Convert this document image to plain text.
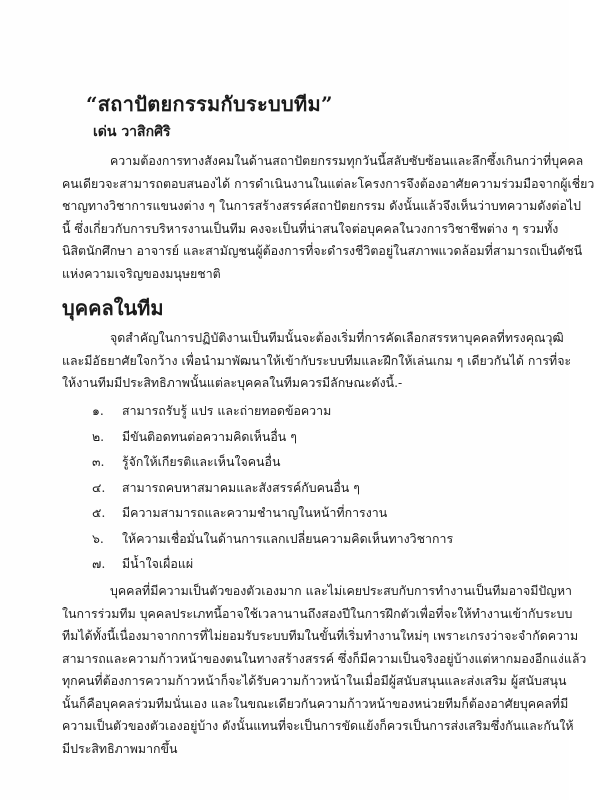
“สถาปัตยกรรมกับระบบทีม”
เด่น วาสิกศิริ
ความต้องการทางสังคมในด้านสถาปัตยกรรมทุกวันนี้สลับซับซ้อนและลึกซึ้งเกินกว่าที่บุคคล
คนเดียวจะสามารถตอบสนองได้ การดำเนินงานในแต่ละโครงการจึงต้องอาศัยความร่วมมือจากผู้เชี่ยว
ชาญทางวิชาการแขนงต่าง ๆ ในการสร้างสรรค์สถาปัตยกรรม ดังนั้นแล้วจึงเห็นว่าบทความดังต่อไป
นี้ ซึ่งเกี่ยวกับการบริหารงานเป็นทีม คงจะเป็นที่น่าสนใจต่อบุคคลในวงการวิชาชีพต่าง ๆ รวมทั้ง
นิสิตนักศึกษา อาจารย์ และสามัญชนผู้ต้องการที่จะดำรงชีวิตอยู่ในสภาพแวดล้อมที่สามารถเป็นดัชนี
แห่งความเจริญของมนุษยชาติ
บุคคลในทีม
จุดสำคัญในการปฏิบัติงานเป็นทีมนั้นจะต้องเริ่มที่การคัดเลือกสรรหาบุคคลที่ทรงคุณวุฒิ
และมีอัธยาศัยใจกว้าง เพื่อนำมาพัฒนาให้เข้ากับระบบทีมและฝึกให้เล่นเกม ๆ เดียวกันได้ การที่จะ
ให้งานทีมมีประสิทธิภาพนั้นแต่ละบุคคลในทีมควรมีลักษณะดังนี้.-
๑. สามารถรับรู้ แปร และถ่ายทอดข้อความ
๒. มีขันติอดทนต่อความคิดเห็นอื่น ๆ
๓. รู้จักให้เกียรติและเห็นใจคนอื่น
๔. สามารถคบหาสมาคมและสังสรรค์กับคนอื่น ๆ
๕. มีความสามารถและความชำนาญในหน้าที่การงาน
๖. ให้ความเชื่อมั่นในด้านการแลกเปลี่ยนความคิดเห็นทางวิชาการ
๗. มีน้ำใจเผื่อแผ่
บุคคลที่มีความเป็นตัวของตัวเองมาก และไม่เคยประสบกับการทำงานเป็นทีมอาจมีปัญหา
ในการร่วมทีม บุคคลประเภทนี้อาจใช้เวลานานถึงสองปีในการฝึกตัวเพื่อที่จะให้ทำงานเข้ากับระบบ
ทีมได้ทั้งนี้เนื่องมาจากการที่ไม่ยอมรับระบบทีมในขั้นที่เริ่มทำงานใหม่ๆ เพราะเกรงว่าจะจำกัดความ
สามารถและความก้าวหน้าของตนในทางสร้างสรรค์ ซึ่งก็มีความเป็นจริงอยู่บ้างแต่หากมองอีกแง่แล้ว
ทุกคนที่ต้องการความก้าวหน้าก็จะได้รับความก้าวหน้าในเมื่อมีผู้สนับสนุนและส่งเสริม ผู้สนับสนุน
นั้นก็คือบุคคลร่วมทีมนั่นเอง และในขณะเดียวกันความก้าวหน้าของหน่วยทีมก็ต้องอาศัยบุคคลที่มี
ความเป็นตัวของตัวเองอยู่บ้าง ดังนั้นแทนที่จะเป็นการขัดแย้งก็ควรเป็นการส่งเสริมซึ่งกันและกันให้
มีประสิทธิภาพมากขึ้น
